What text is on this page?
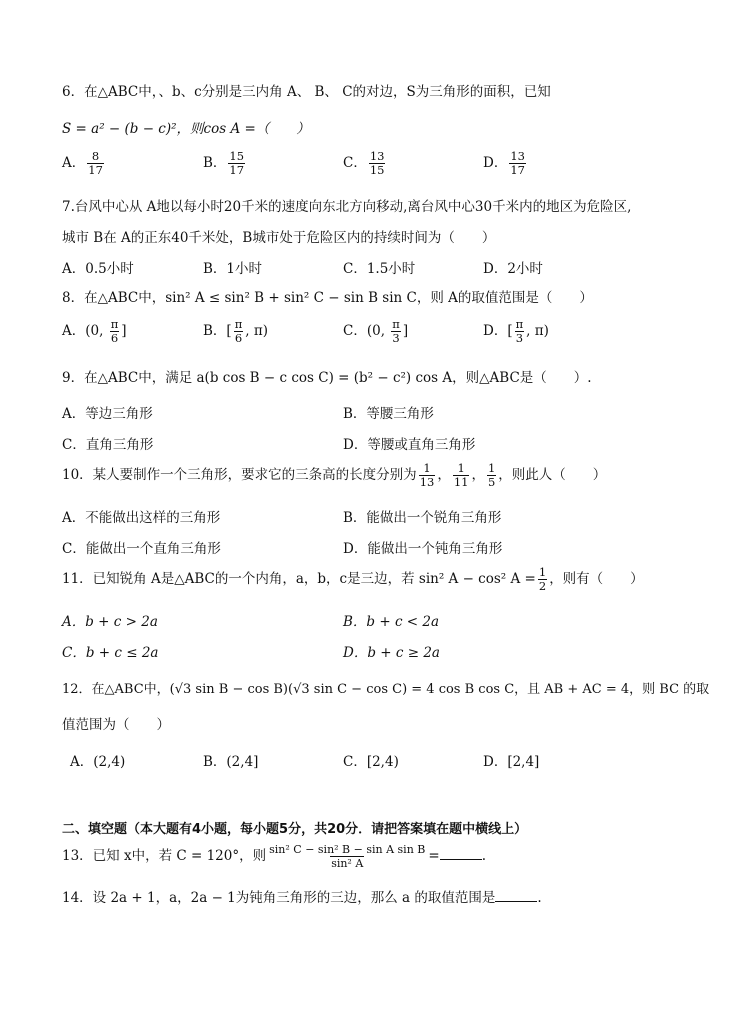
6．在△ABC中，、b、c分别是三内角 A、 B、 C的对边，S为三角形的面积，已知
S = a² − (b − c)²，则cos A =（　　）
A． $\frac{8}{17}$	B． $\frac{15}{17}$	C． $\frac{13}{15}$	D． $\frac{13}{17}$
7.台风中心从 A地以每小时20千米的速度向东北方向移动,离台风中心30千米内的地区为危险区,
城市 B在 A的正东40千米处，B城市处于危险区内的持续时间为（　　）
A．0.5小时	B．1小时	C．1.5小时	D．2小时
8．在△ABC中，sin² A ≤ sin² B + sin² C − sin B sin C，则 A的取值范围是（　　）
A．(0, $\frac{\pi}{6}$ ]	B．[ $\frac{\pi}{6}$ , π)	C．(0, $\frac{\pi}{3}$ ]	D．[ $\frac{\pi}{3}$ , π)
9．在△ABC中，满足 a(b cos B − c cos C) = (b² − c²) cos A，则△ABC是（　　）.
A．等边三角形	B．等腰三角形
C．直角三角形	D．等腰或直角三角形
10．某人要制作一个三角形，要求它的三条高的长度分别为 $\frac{1}{13}$ ， $\frac{1}{11}$ ， $\frac{1}{5}$ ，则此人（　　）
A．不能做出这样的三角形	B．能做出一个锐角三角形
C．能做出一个直角三角形	D．能做出一个钝角三角形
11．已知锐角 A是△ABC的一个内角，a，b，c是三边，若 sin² A − cos² $A = \frac{1}{2}$ ，则有（　　）
A．b + c > 2a	B．b + c < 2a
C．b + c ≤ 2a	D．b + c ≥ 2a
12．在△ABC中，(√3 sin B − cos B)(√3 sin C − cos C) = 4 cos B cos C，且 AB + AC = 4，则 BC 的取
值范围为（　　）
A．(2,4)	B．(2,4]	C．[2,4)	D．[2,4]
二、填空题（本大题有4小题，每小题5分，共20分．请把答案填在题中横线上）
13．已知 x中，若 C = 120°，则 $\frac{\text{sin² C − sin² B − sin A sin B}}{\text{sin² A}}$ =	.
14．设 2a + 1，a，2a − 1为钝角三角形的三边，那么 a 的取值范围是	.
